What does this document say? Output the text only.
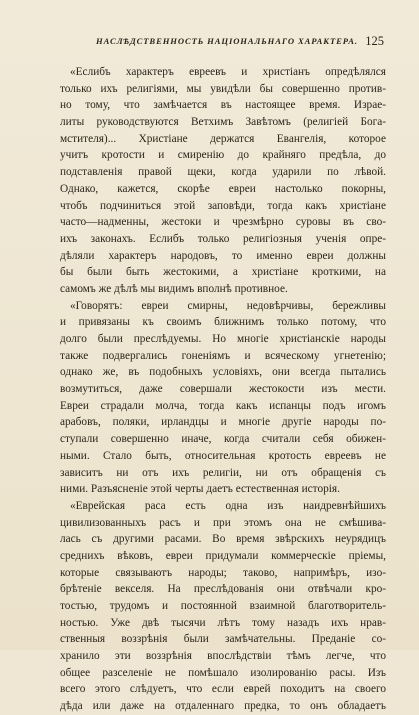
НАСЛѢДСТВЕННОСТЬ НАЦІОНАЛЬНАГО ХАРАКТЕРА. 125
«Еслибъ характеръ евреевъ и христіанъ опредѣлялся
только ихъ религіями, мы увидѣли бы совершенно против-
но тому, что замѣчается въ настоящее время. Израе-
литы руководствуются Ветхимъ Завѣтомъ (религіей Бога-
мстителя)... Христіане держатся Евангелія, которое
учитъ кротости и смиренію до крайняго предѣла, до
подставленія правой щеки, когда ударили по лѣвой.
Однако, кажется, скорѣе евреи настолько покорны,
чтобъ подчиниться этой заповѣди, тогда какъ христіане
часто—надменны, жестоки и чрезмѣрно суровы въ сво-
ихъ законахъ. Еслибъ только религіозныя ученія опре-
дѣляли характеръ народовъ, то именно евреи должны
бы были быть жестокими, а христіане кроткими, на
самомъ же дѣлѣ мы видимъ вполнѣ противное.
«Говорятъ: евреи смирны, недовѣрчивы, бережливы
и привязаны къ своимъ ближнимъ только потому, что
долго были преслѣдуемы. Но многіе христіанскіе народы
также подвергались гоненіямъ и всяческому угнетенію;
однако же, въ подобныхъ условіяхъ, они всегда пытались
возмутиться, даже совершали жестокости изъ мести.
Евреи страдали молча, тогда какъ испанцы подъ игомъ
арабовъ, поляки, ирландцы и многіе другіе народы по-
ступали совершенно иначе, когда считали себя обижен-
ными. Стало быть, относительная кротость евреевъ не
зависитъ ни отъ ихъ религіи, ни отъ обращенія съ
ними. Разъясненіе этой черты даетъ естественная исторія.
«Еврейская раса есть одна изъ наидревнѣйшихъ
цивилизованныхъ расъ и при этомъ она не смѣшива-
лась съ другими расами. Во время звѣрскихъ неурядицъ
среднихъ вѣковъ, евреи придумали коммерческіе пріемы,
которые связываютъ народы; таково, напримѣръ, изо-
брѣтеніе векселя. На преслѣдованія они отвѣчали кро-
тостью, трудомъ и постоянной взаимной благотворитель-
ностью. Уже двѣ тысячи лѣтъ тому назадъ ихъ нрав-
ственныя воззрѣнія были замѣчательны. Преданіе со-
хранило эти воззрѣнія впослѣдствіи тѣмъ легче, что
общее разселеніе не помѣшало изолированію расы. Изъ
всего этого слѣдуетъ, что если еврей походитъ на своего
дѣда или даже на отдаленнаго предка, то онъ обладаетъ
